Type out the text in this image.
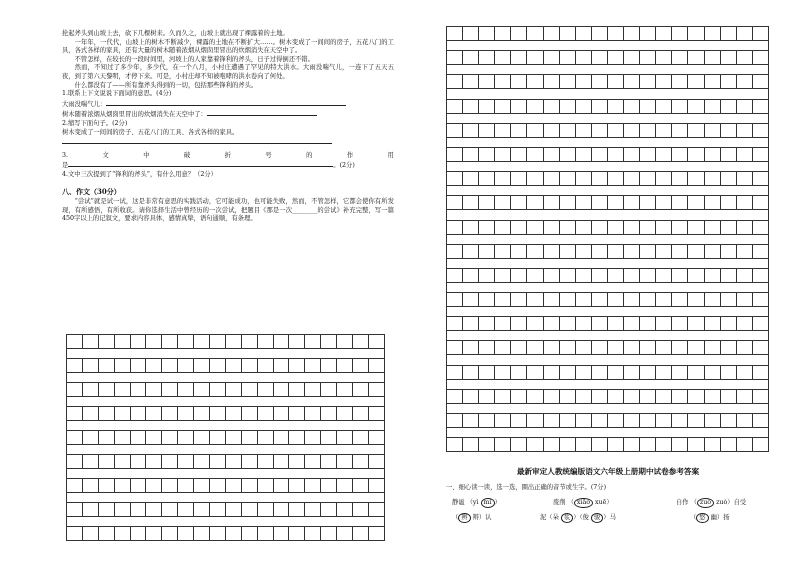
抡起斧头到山坡上去，砍下几棵树来。久而久之，山坡上就出现了裸露着的土地。

一年年，一代代，山坡上的树木不断减少，裸露的土地在不断扩大……。树木变成了一间间的房子，五花八门的工具，各式各样的家具，还有大量的树木随着浓烟从烟囱里冒出的炊烟消失在天空中了。

不管怎样，在较长的一段时间里，河坡上的人家靠着锋利的斧头，日子过得倒还不错。

然而，不知过了多少年，多少代，在一个八月，小村庄遭遇了罕见的特大洪水。大雨没喘气儿，一连下了五天五夜，到了第六天黎明，才停下来。可是，小村庄却不知被咆哮的洪水卷向了何处。

什么都没有了——所有靠斧头得到的一切，包括那些锋利的斧头。

1.联系上下文说说下面词的意思。(4分)

大雨没喘气儿：

树木随着浓烟从烟囱里冒出的炊烟消失在天空中了：

2.缩写下面句子。(2分)

树木变成了一间间的房子、五花八门的工具、各式各样的家具。

3.	文	中	破	折	号	的	作	用

是	。(2分)

4.文中三次提到了“锋利的斧头”，有什么用意？（2分）

八、作文（30分）

“尝试”就是试一试，这是非常有意思的实践活动，它可能成功，也可能失败，然而，不管怎样，它都会使你有所发现，有所感悟，有所收获。请你选择生活中曾经历的一次尝试，把题目《那是一次________的尝试》补充完整，写一篇450字以上的记叙文，要求内容具体，感情真挚，语句通顺，有条理。

最新审定人教统编版语文六年级上册期中试卷参考答案
一、细心读一读，选一选，圈出正确的音节或生字。(7分)
静谧 （yì mì ）	废削 （ xiāo xuē）	自作 （ zuō zuò）自受
（ 辨 辩）认	泥（朵 浆 ）（俊 骏 ）马	（ 悠 幽）扬
